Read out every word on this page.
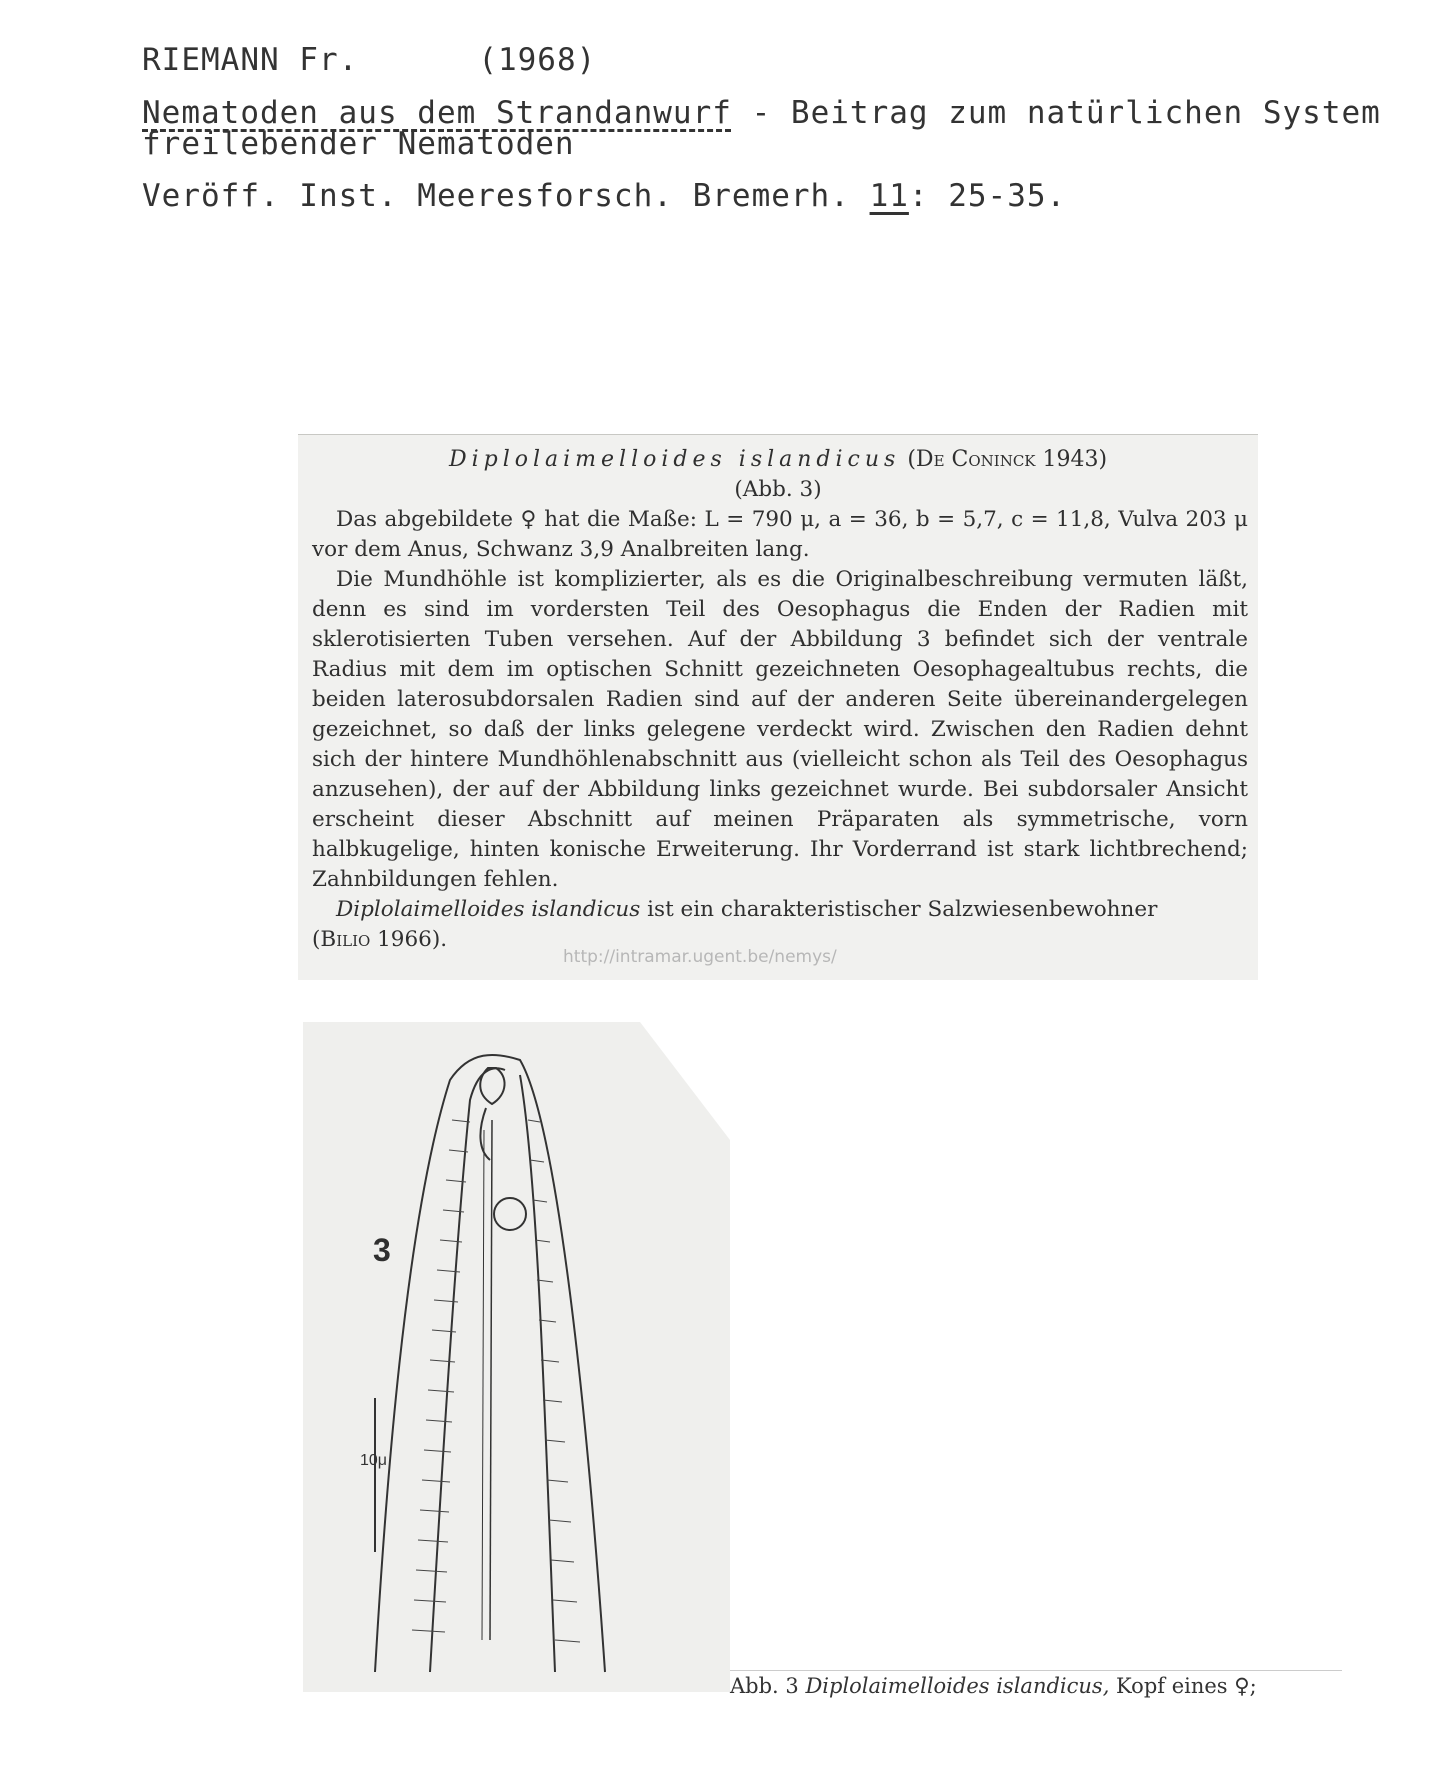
RIEMANN Fr.	(1968)
Nematoden aus dem Strandanwurf - Beitrag zum natürlichen System
freilebender Nematoden
Veröff. Inst. Meeresforsch. Bremerh. 11: 25-35.
Diplolaimelloides islandicus (De Coninck 1943)
(Abb. 3)

Das abgebildete ♀ hat die Maße: L = 790 μ, a = 36, b = 5,7, c = 11,8, Vulva 203 μ vor dem Anus, Schwanz 3,9 Analbreiten lang.

Die Mundhöhle ist komplizierter, als es die Originalbeschreibung vermuten läßt, denn es sind im vordersten Teil des Oesophagus die Enden der Radien mit sklerotisierten Tuben versehen. Auf der Abbildung 3 befindet sich der ventrale Radius mit dem im optischen Schnitt gezeichneten Oesophagealtubus rechts, die beiden laterosubdorsalen Radien sind auf der anderen Seite übereinandergelegen gezeichnet, so daß der links gelegene verdeckt wird. Zwischen den Radien dehnt sich der hintere Mundhöhlenabschnitt aus (vielleicht schon als Teil des Oesophagus anzusehen), der auf der Abbildung links gezeichnet wurde. Bei subdorsaler Ansicht erscheint dieser Abschnitt auf meinen Präparaten als symmetrische, vorn halbkugelige, hinten konische Erweiterung. Ihr Vorderrand ist stark lichtbrechend; Zahnbildungen fehlen.

Diplolaimelloides islandicus ist ein charakteristischer Salzwiesenbewohner
(Bilio 1966).

http://intramar.ugent.be/nemys/
3
10μ
Abb. 3 Diplolaimelloides islandicus, Kopf eines ♀;
